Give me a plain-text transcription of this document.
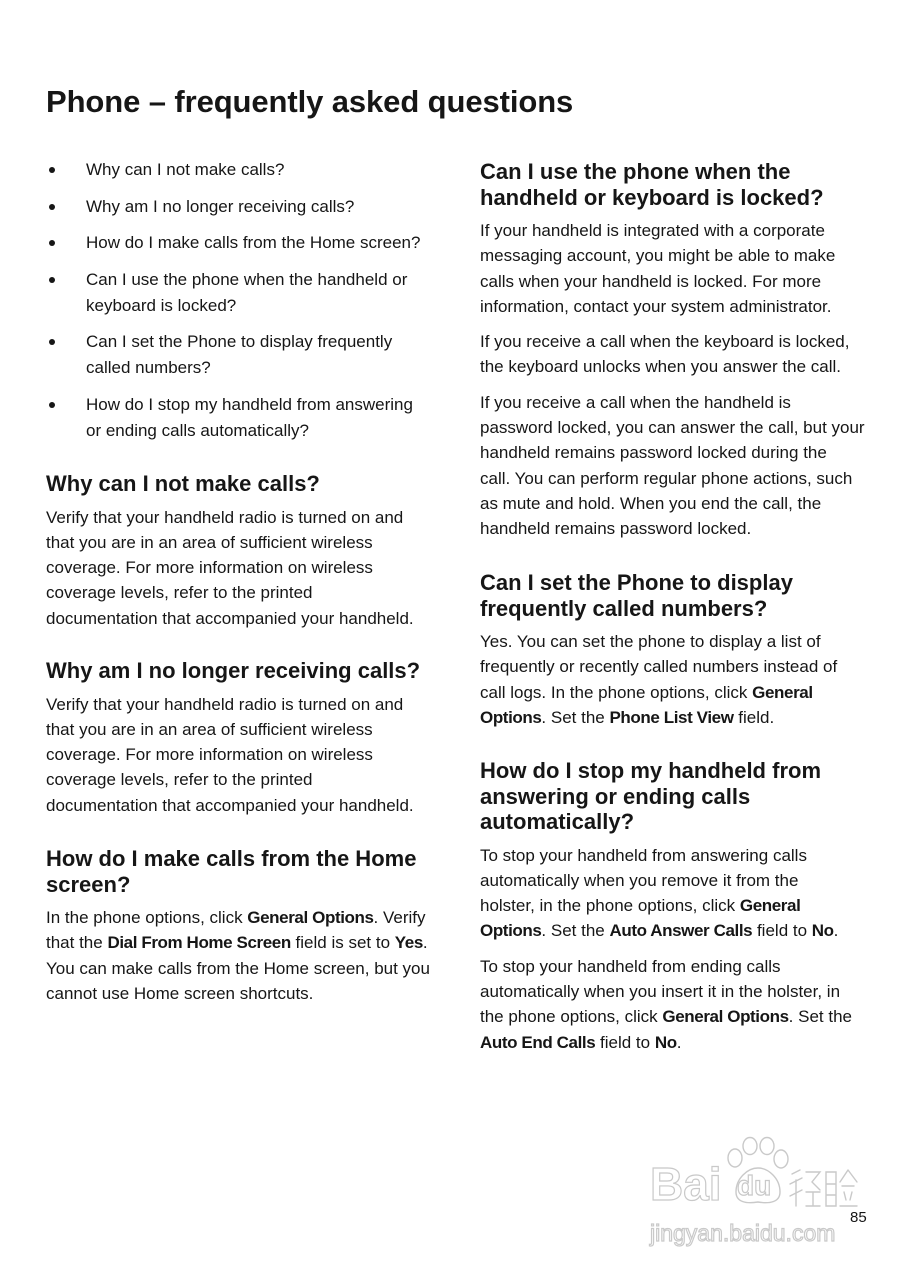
Phone – frequently asked questions
Why can I not make calls?
Why am I no longer receiving calls?
How do I make calls from the Home screen?
Can I use the phone when the handheld or
keyboard is locked?
Can I set the Phone to display frequently
called numbers?
How do I stop my handheld from answering
or ending calls automatically?
Why can I not make calls?

Verify that your handheld radio is turned on and
that you are in an area of sufficient wireless
coverage. For more information on wireless
coverage levels, refer to the printed
documentation that accompanied your handheld.

Why am I no longer receiving calls?

Verify that your handheld radio is turned on and
that you are in an area of sufficient wireless
coverage. For more information on wireless
coverage levels, refer to the printed
documentation that accompanied your handheld.

How do I make calls from the Home
screen?

In the phone options, click General Options. Verify
that the Dial From Home Screen field is set to Yes.
You can make calls from the Home screen, but you
cannot use Home screen shortcuts.

Can I use the phone when the
handheld or keyboard is locked?

If your handheld is integrated with a corporate
messaging account, you might be able to make
calls when your handheld is locked. For more
information, contact your system administrator.

If you receive a call when the keyboard is locked,
the keyboard unlocks when you answer the call.

If you receive a call when the handheld is
password locked, you can answer the call, but your
handheld remains password locked during the
call. You can perform regular phone actions, such
as mute and hold. When you end the call, the
handheld remains password locked.

Can I set the Phone to display
frequently called numbers?

Yes. You can set the phone to display a list of
frequently or recently called numbers instead of
call logs. In the phone options, click General
Options. Set the Phone List View field.

How do I stop my handheld from
answering or ending calls
automatically?

To stop your handheld from answering calls
automatically when you remove it from the
holster, in the phone options, click General
Options. Set the Auto Answer Calls field to No.

To stop your handheld from ending calls
automatically when you insert it in the holster, in
the phone options, click General Options. Set the
Auto End Calls field to No.

85
Bai du
jingyan.baidu.com
